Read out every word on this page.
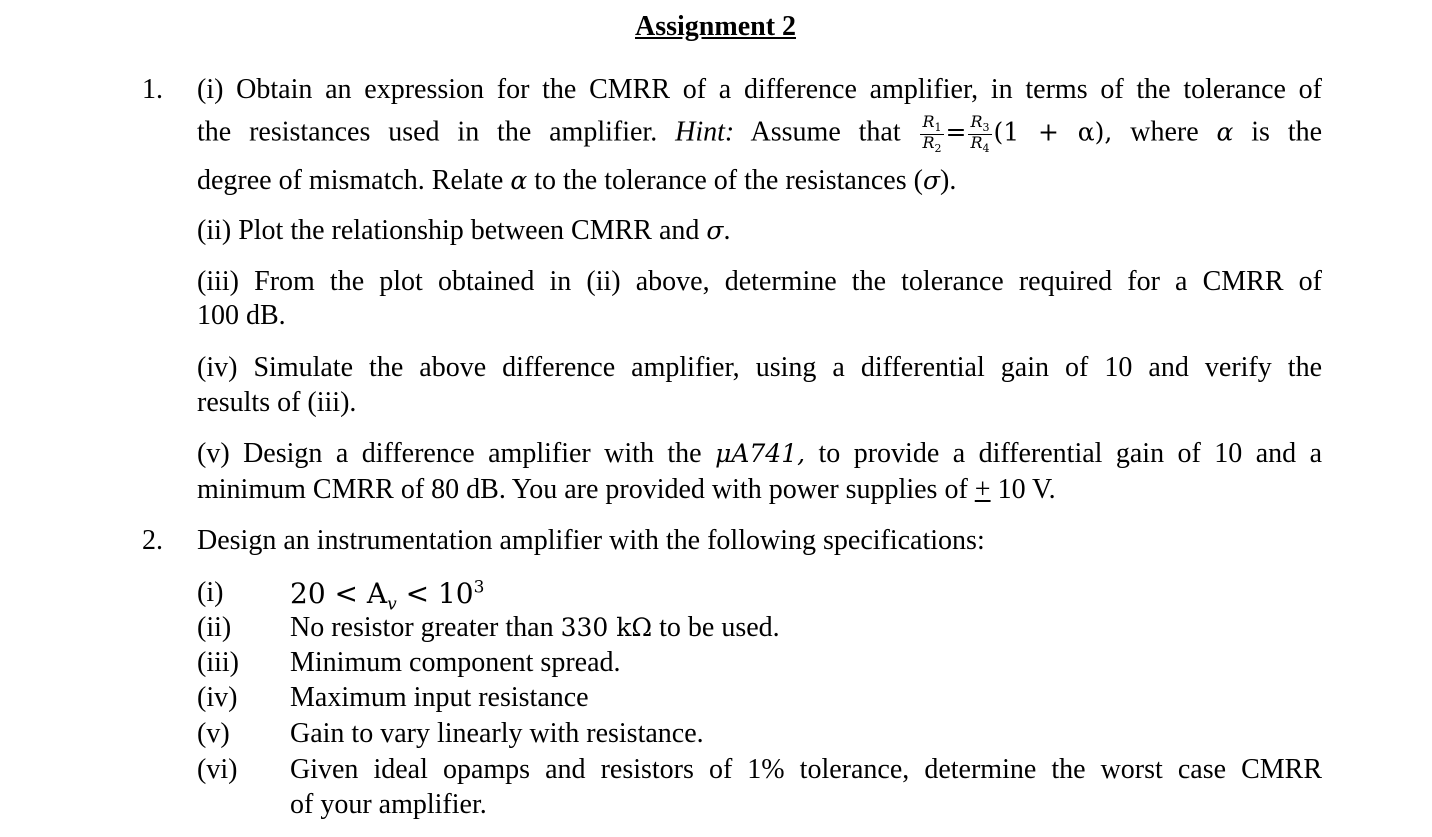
Assignment 2
1. (i) Obtain an expression for the CMRR of a difference amplifier, in terms of the tolerance of
the resistances used in the amplifier. Hint: Assume that $\frac{R_1}{R_2} = \frac{R_3}{R_4} (1 + \alpha)$, where α is the
degree of mismatch. Relate α to the tolerance of the resistances (σ).
(ii) Plot the relationship between CMRR and σ.
(iii) From the plot obtained in (ii) above, determine the tolerance required for a CMRR of
100 dB.
(iv) Simulate the above difference amplifier, using a differential gain of 10 and verify the
results of (iii).
(v) Design a difference amplifier with the μA741, to provide a differential gain of 10 and a
minimum CMRR of 80 dB. You are provided with power supplies of + 10 V.
2. Design an instrumentation amplifier with the following specifications:
(i) $20 < A_v < 10^3$
(ii) No resistor greater than 330 kΩ to be used.
(iii) Minimum component spread.
(iv) Maximum input resistance
(v) Gain to vary linearly with resistance.
(vi) Given ideal opamps and resistors of 1% tolerance, determine the worst case CMRR
of your amplifier.
